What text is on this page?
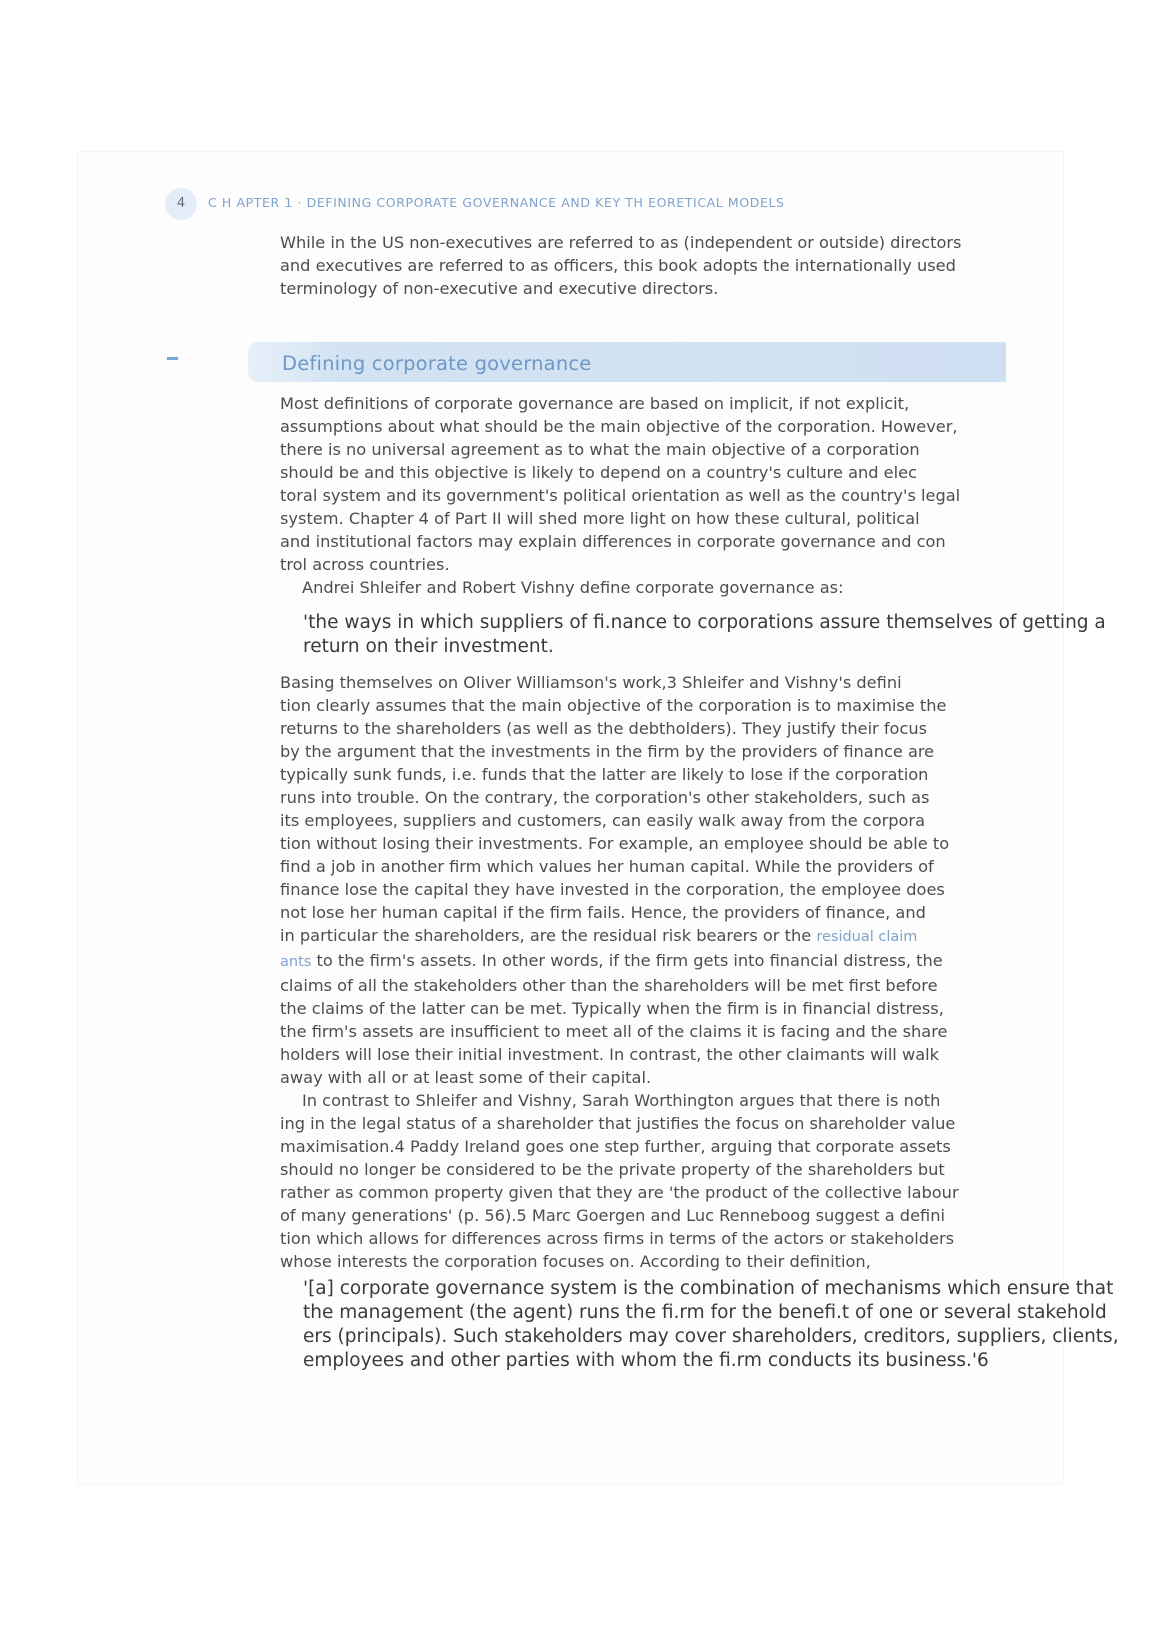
4	C H APTER 1 · DEFINING CORPORATE GOVERNANCE AND KEY TH EORETICAL MODELS

While in the US non-executives are referred to as (independent or outside) directors

and executives are referred to as officers, this book adopts the internationally used

terminology of non-executive and executive directors.

Defining corporate governance

Most definitions of corporate governance are based on implicit, if not explicit,

assumptions about what should be the main objective of the corporation. However,

there is no universal agreement as to what the main objective of a corporation

should be and this objective is likely to depend on a country's culture and elec

toral system and its government's political orientation as well as the country's legal

system. Chapter 4 of Part II will shed more light on how these cultural, political

and institutional factors may explain differences in corporate governance and con

trol across countries.

Andrei Shleifer and Robert Vishny define corporate governance as:

'the ways in which suppliers of fi.nance to corporations assure themselves of getting a

return on their investment.

Basing themselves on Oliver Williamson's work,3 Shleifer and Vishny's defini

tion clearly assumes that the main objective of the corporation is to maximise the

returns to the shareholders (as well as the debtholders). They justify their focus

by the argument that the investments in the firm by the providers of finance are

typically sunk funds, i.e. funds that the latter are likely to lose if the corporation

runs into trouble. On the contrary, the corporation's other stakeholders, such as

its employees, suppliers and customers, can easily walk away from the corpora

tion without losing their investments. For example, an employee should be able to

find a job in another firm which values her human capital. While the providers of

finance lose the capital they have invested in the corporation, the employee does

not lose her human capital if the firm fails. Hence, the providers of finance, and

in particular the shareholders, are the residual risk bearers or the residual claim

ants to the firm's assets. In other words, if the firm gets into financial distress, the

claims of all the stakeholders other than the shareholders will be met first before

the claims of the latter can be met. Typically when the firm is in financial distress,

the firm's assets are insufficient to meet all of the claims it is facing and the share

holders will lose their initial investment. In contrast, the other claimants will walk

away with all or at least some of their capital.

In contrast to Shleifer and Vishny, Sarah Worthington argues that there is noth

ing in the legal status of a shareholder that justifies the focus on shareholder value

maximisation.4 Paddy Ireland goes one step further, arguing that corporate assets

should no longer be considered to be the private property of the shareholders but

rather as common property given that they are 'the product of the collective labour

of many generations' (p. 56).5 Marc Goergen and Luc Renneboog suggest a defini

tion which allows for differences across firms in terms of the actors or stakeholders

whose interests the corporation focuses on. According to their definition,

'[a] corporate governance system is the combination of mechanisms which ensure that

the management (the agent) runs the fi.rm for the benefi.t of one or several stakehold

ers (principals). Such stakeholders may cover shareholders, creditors, suppliers, clients,

employees and other parties with whom the fi.rm conducts its business.'6
